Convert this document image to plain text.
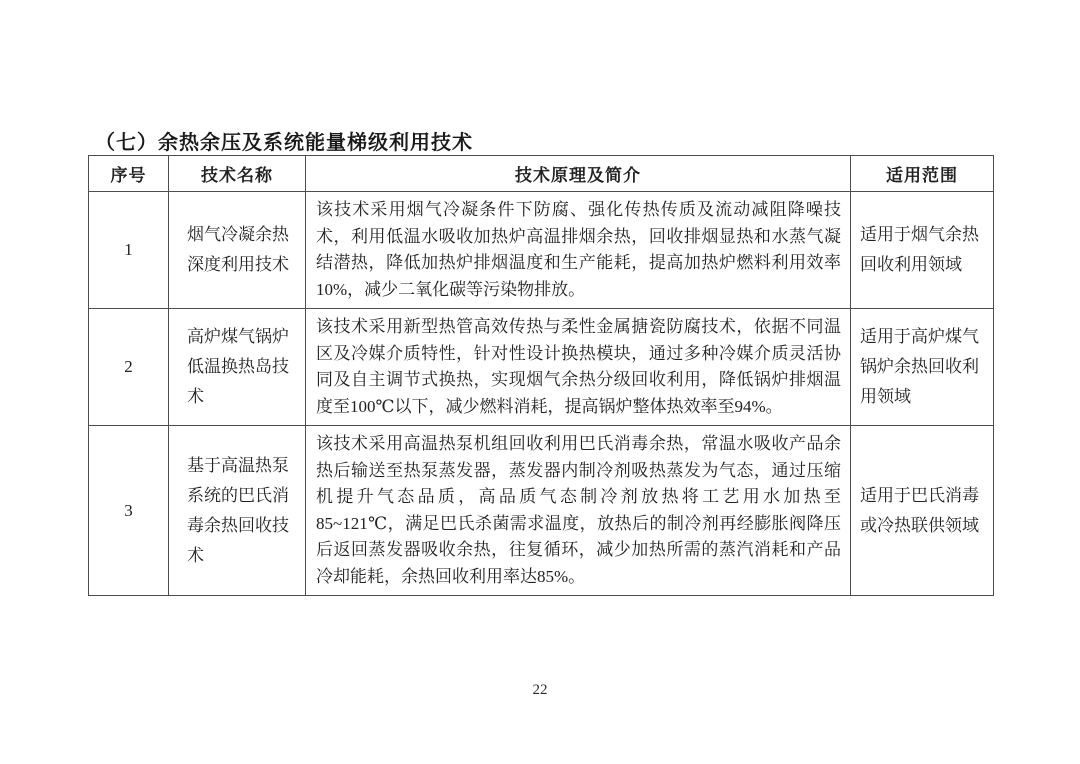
（七）余热余压及系统能量梯级利用技术
序号	技术名称	技术原理及简介	适用范围
1	烟气冷凝余热深度利用技术	该技术采用烟气冷凝条件下防腐、强化传热传质及流动减阻降噪技术，利用低温水吸收加热炉高温排烟余热，回收排烟显热和水蒸气凝结潜热，降低加热炉排烟温度和生产能耗，提高加热炉燃料利用效率10%，减少二氧化碳等污染物排放。	适用于烟气余热回收利用领域
2	高炉煤气锅炉低温换热岛技术	该技术采用新型热管高效传热与柔性金属搪瓷防腐技术，依据不同温区及冷媒介质特性，针对性设计换热模块，通过多种冷媒介质灵活协同及自主调节式换热，实现烟气余热分级回收利用，降低锅炉排烟温度至100℃以下，减少燃料消耗，提高锅炉整体热效率至94%。	适用于高炉煤气锅炉余热回收利用领域
3	基于高温热泵系统的巴氏消毒余热回收技术	该技术采用高温热泵机组回收利用巴氏消毒余热，常温水吸收产品余热后输送至热泵蒸发器，蒸发器内制冷剂吸热蒸发为气态，通过压缩机提升气态品质，高品质气态制冷剂放热将工艺用水加热至85~121℃，满足巴氏杀菌需求温度，放热后的制冷剂再经膨胀阀降压后返回蒸发器吸收余热，往复循环，减少加热所需的蒸汽消耗和产品冷却能耗，余热回收利用率达85%。	适用于巴氏消毒或冷热联供领域
22
